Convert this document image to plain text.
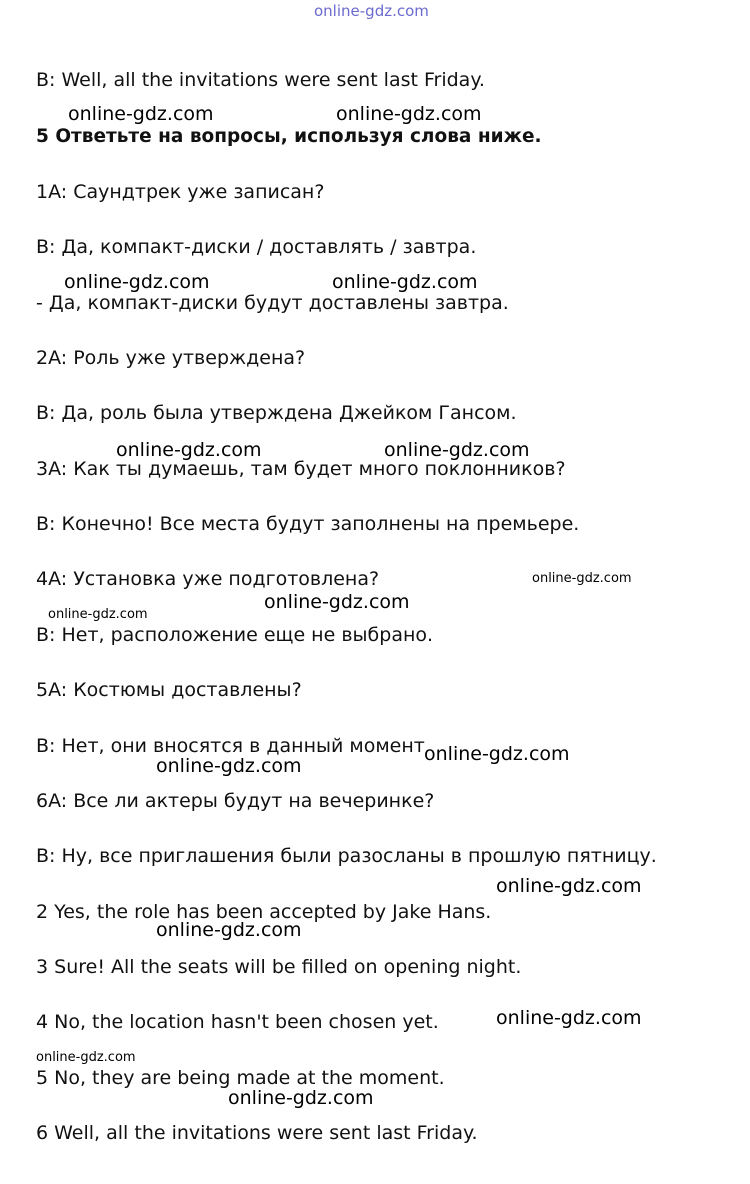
online-gdz.com

B: Well, all the invitations were sent last Friday.

5 Ответьте на вопросы, используя слова ниже.

1A: Саундтрек уже записан?

B: Да, компакт-диски / доставлять / завтра.

- Да, компакт-диски будут доставлены завтра.

2A: Роль уже утверждена?

B: Да, роль была утверждена Джейком Гансом.

3A: Как ты думаешь, там будет много поклонников?

B: Конечно! Все места будут заполнены на премьере.

4A: Установка уже подготовлена?

B: Нет, расположение еще не выбрано.

5A: Костюмы доставлены?

B: Нет, они вносятся в данный момент

6A: Все ли актеры будут на вечеринке?

B: Ну, все приглашения были разосланы в прошлую пятницу.

2 Yes, the role has been accepted by Jake Hans.

3 Sure! All the seats will be filled on opening night.

4 No, the location hasn't been chosen yet.

5 No, they are being made at the moment.

6 Well, all the invitations were sent last Friday.

online-gdz.com	online-gdz.com
online-gdz.com	online-gdz.com
online-gdz.com	online-gdz.com
online-gdz.com
online-gdz.com
online-gdz.com
online-gdz.com
online-gdz.com
online-gdz.com
online-gdz.com
online-gdz.com
online-gdz.com
online-gdz.com
